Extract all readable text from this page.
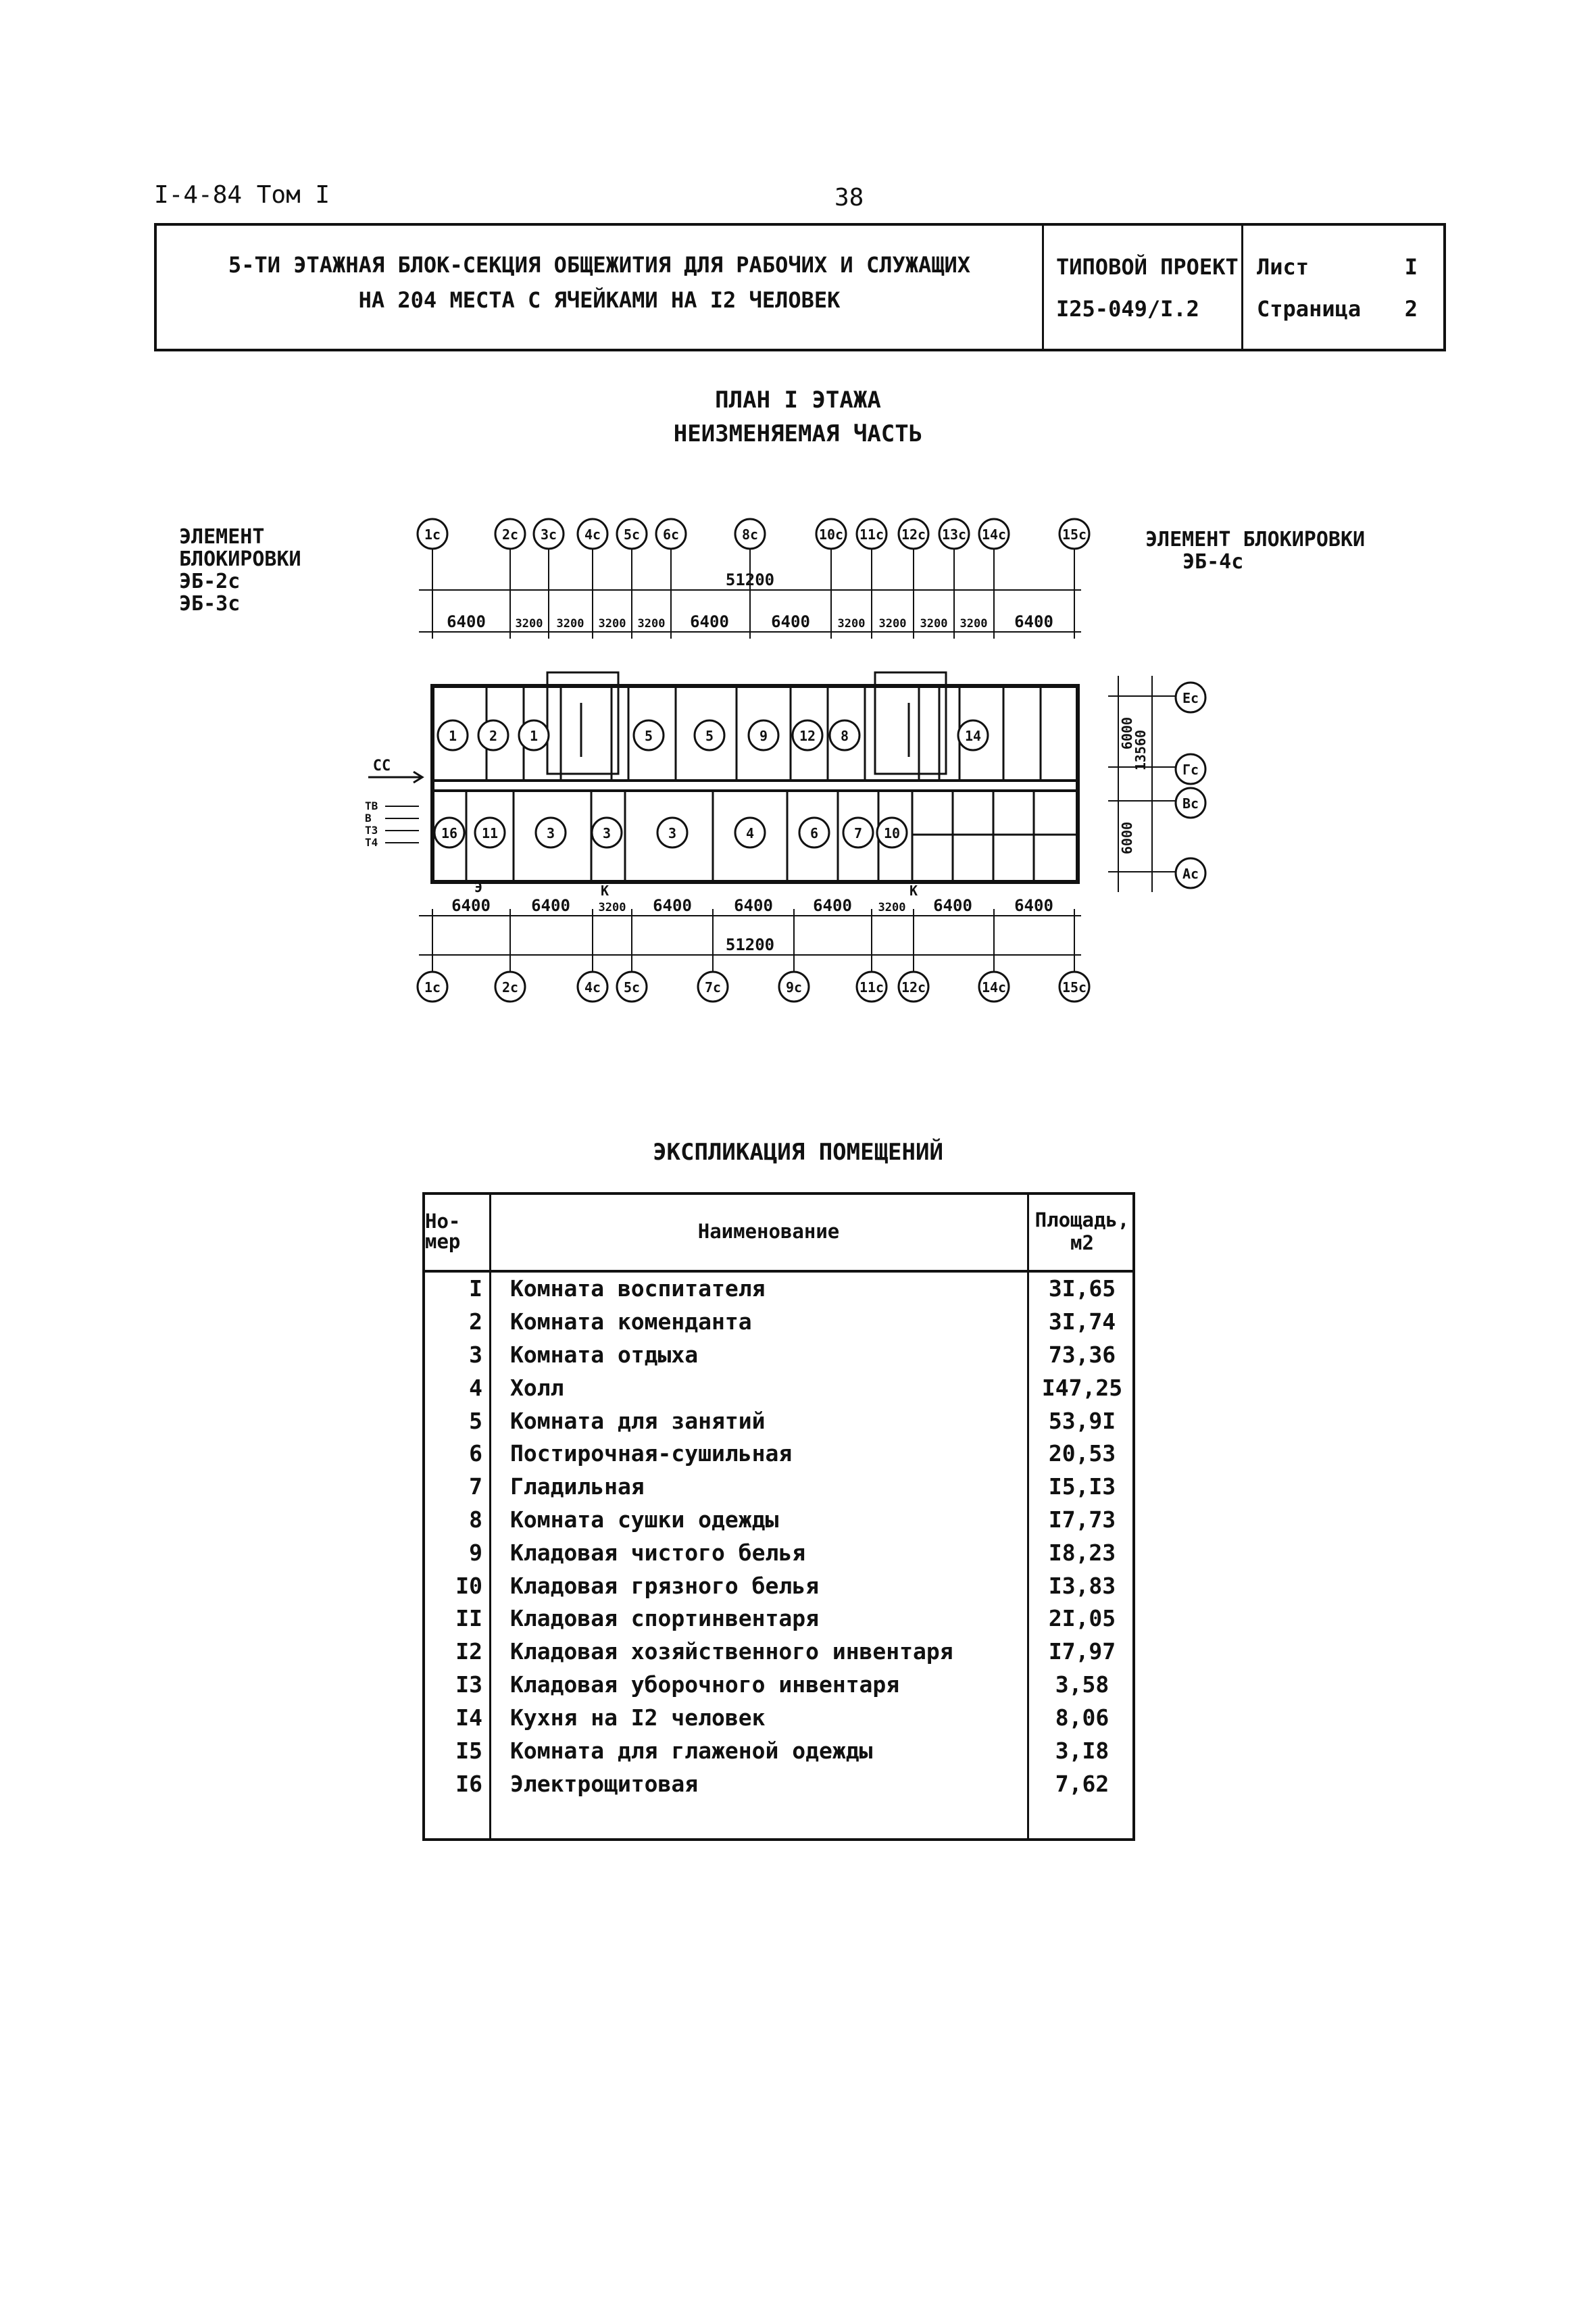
I-4-84 Том I	38
5-ТИ ЭТАЖНАЯ БЛОК-СЕКЦИЯ ОБЩЕЖИТИЯ ДЛЯ РАБОЧИХ И СЛУЖАЩИХ
НА 204 МЕСТА С ЯЧЕЙКАМИ НА I2 ЧЕЛОВЕК
ТИПОВОЙ ПРОЕКТ
I25-049/I.2
Лист	I
Страница 2
ПЛАН I ЭТАЖА
НЕИЗМЕНЯЕМАЯ ЧАСТЬ
ЭЛЕМЕНТ
БЛОКИРОВКИ
ЭБ-2с
ЭБ-3с
ЭЛЕМЕНТ БЛОКИРОВКИ
ЭБ-4с
1с	2с 3с 4с 5с 6с	8с	10с 11с 12с 13с 14с	15с
1с	2с	4с 5с	7с	9с	11с 12с	14с	15с
Ес
Гс
Вс
Ас
51200
51200
6400	3200 3200 3200 3200 6400	6400 3200 3200 3200 3200 6400
6400	6400 3200 6400	6400 6400 3200 6400	6400
6000
13560
6000
СС
ТВ
В
Т3
Т4
К	К
Э
1 2 1	5	5	9 12 8	14
16 11	3	3	3	4	6	7 10
ЭКСПЛИКАЦИЯ ПОМЕЩЕНИЙ
Но-мер	Наименование	Площадь, м2
I	Комната воспитателя	3I,65
2	Комната коменданта	3I,74
3	Комната отдыха	73,36
4	Холл	I47,25
5	Комната для занятий	53,9I
6	Постирочная-сушильная	20,53
7	Гладильная	I5,I3
8	Комната сушки одежды	I7,73
9	Кладовая чистого белья	I8,23
I0	Кладовая грязного белья	I3,83
II	Кладовая спортинвентаря	2I,05
I2	Кладовая хозяйственного инвентаря	I7,97
I3	Кладовая уборочного инвентаря	3,58
I4	Кухня на I2 человек	8,06
I5	Комната для глаженой одежды	3,I8
I6	Электрощитовая	7,62
